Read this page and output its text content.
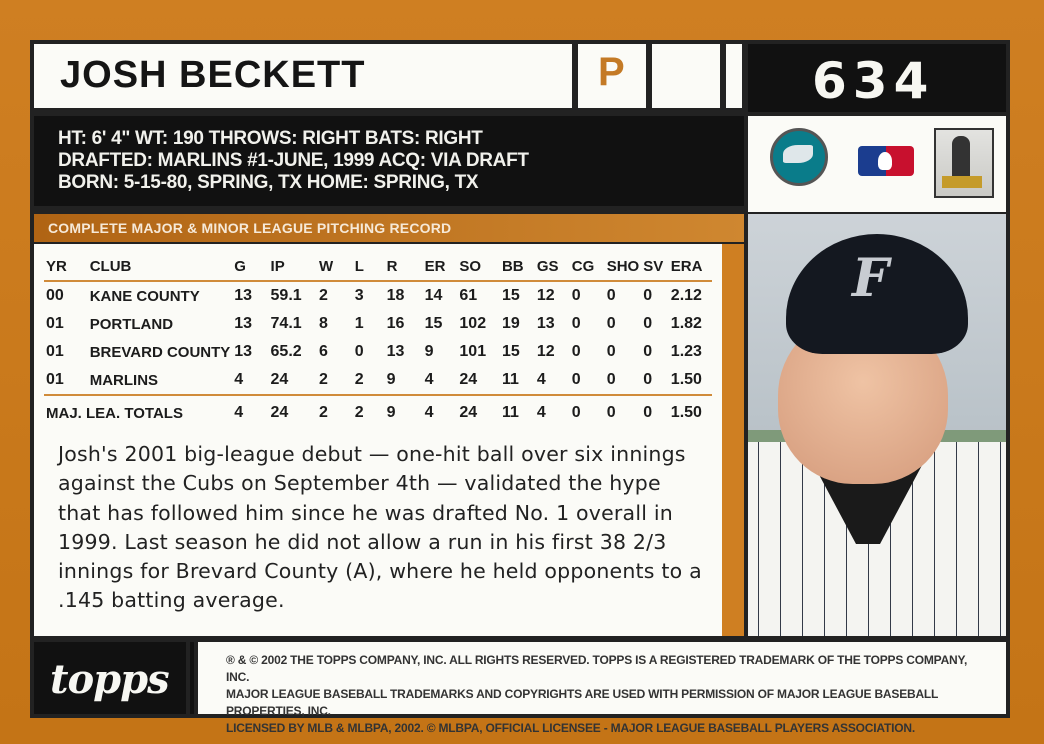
JOSH BECKETT	P	634
HT: 6' 4" WT: 190 THROWS: RIGHT BATS: RIGHT
DRAFTED: MARLINS #1-JUNE, 1999 ACQ: VIA DRAFT
BORN: 5-15-80, SPRING, TX HOME: SPRING, TX
COMPLETE MAJOR & MINOR LEAGUE PITCHING RECORD
YR	CLUB	G	IP	W	L	R	ER	SO	BB	GS	CG	SHO	SV	ERA
00	KANE COUNTY	13	59.1	2	3	18	14	61	15	12	0	0	0	2.12
01	PORTLAND	13	74.1	8	1	16	15	102	19	13	0	0	0	1.82
01	BREVARD COUNTY	13	65.2	6	0	13	9	101	15	12	0	0	0	1.23
01	MARLINS	4	24	2	2	9	4	24	11	4	0	0	0	1.50
MAJ. LEA. TOTALS		4	24	2	2	9	4	24	11	4	0	0	0	1.50
Josh's 2001 big-league debut — one-hit ball over six innings against the Cubs on September 4th — validated the hype that has followed him since he was drafted No. 1 overall in 1999. Last season he did not allow a run in his first 38 2/3 innings for Brevard County (A), where he held opponents to a .145 batting average.
F
topps	® & © 2002 THE TOPPS COMPANY, INC. ALL RIGHTS RESERVED. TOPPS IS A REGISTERED TRADEMARK OF THE TOPPS COMPANY, INC.
MAJOR LEAGUE BASEBALL TRADEMARKS AND COPYRIGHTS ARE USED WITH PERMISSION OF MAJOR LEAGUE BASEBALL PROPERTIES, INC.
LICENSED BY MLB & MLBPA, 2002. © MLBPA, OFFICIAL LICENSEE - MAJOR LEAGUE BASEBALL PLAYERS ASSOCIATION.
